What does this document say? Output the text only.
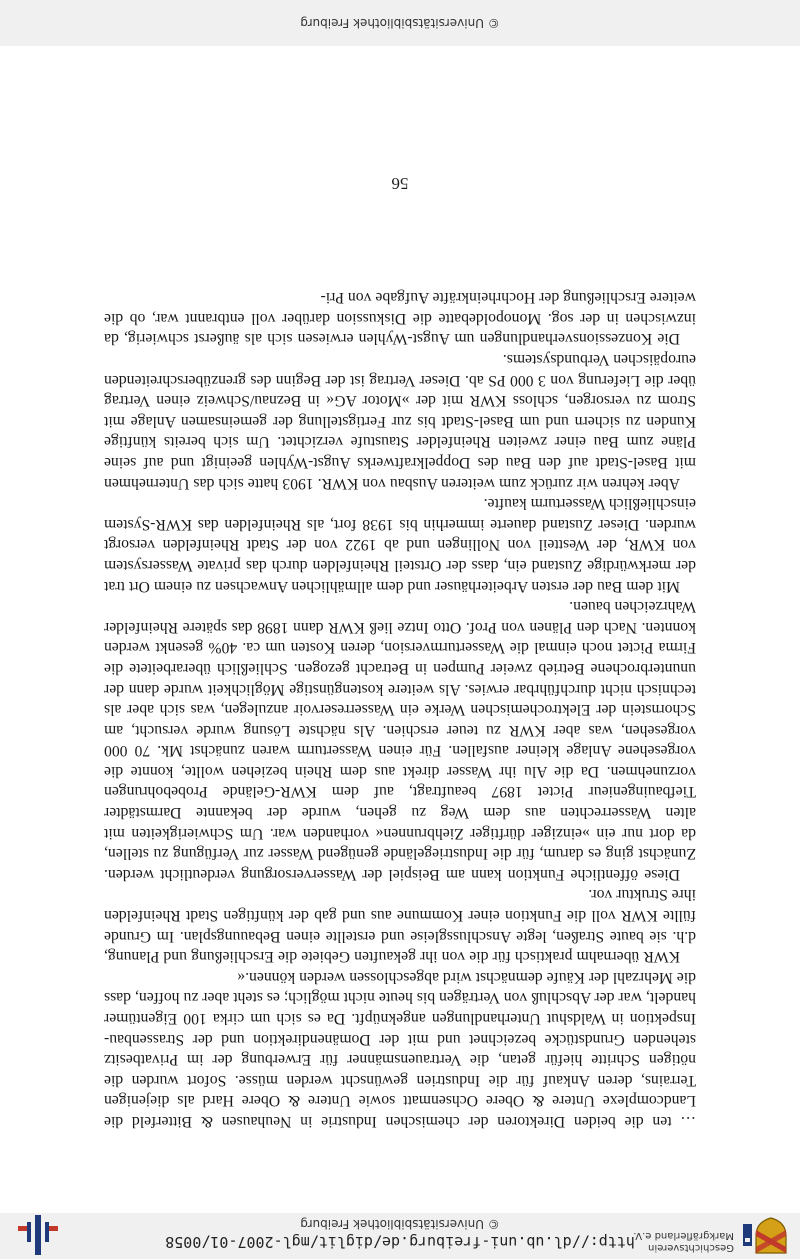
Geschichtsverein
Markgräflerland e.V.
http://dl.ub.uni-freiburg.de/diglit/mgl-2007-01/0058
© Universitätsbibliothek Freiburg

… ten die beiden Direktoren der chemischen Industrie in Neuhausen & Bitterfeld die Landcomplexe Untere & Obere Ochsenmatt sowie Untere & Obere Hard als diejenigen Terrains, deren Ankauf für die Industrien gewünscht werden müsse. Sofort wurden die nötigen Schritte hiefür getan, die Vertrauensmänner für Erwerbung der im Privatbesitz stehenden Grundstücke bezeichnet und mit der Domänendirektion und der Strassenbau-Inspektion in Waldshut Unterhandlungen angeknüpft. Da es sich um cirka 100 Eigentümer handelt, war der Abschluß von Verträgen bis heute nicht möglich; es steht aber zu hoffen, dass die Mehrzahl der Käufe demnächst wird abgeschlossen werden können.«

KWR übernahm praktisch für die von ihr gekauften Gebiete die Erschließung und Planung, d.h. sie baute Straßen, legte Anschlussgleise und erstellte einen Bebauungsplan. Im Grunde füllte KWR voll die Funktion einer Kommune aus und gab der künftigen Stadt Rheinfelden ihre Struktur vor.

Diese öffentliche Funktion kann am Beispiel der Wasserversorgung verdeutlicht werden. Zunächst ging es darum, für die Industriegelände genügend Wasser zur Verfügung zu stellen, da dort nur ein »einziger dürftiger Ziehbrunnen« vorhanden war. Um Schwierigkeiten mit alten Wasserrechten aus dem Weg zu gehen, wurde der bekannte Darmstädter Tiefbauingenieur Pictet 1897 beauftragt, auf dem KWR-Gelände Probebohrungen vorzunehmen. Da die Alu ihr Wasser direkt aus dem Rhein beziehen wollte, konnte die vorgesehene Anlage kleiner ausfallen. Für einen Wasserturm waren zunächst Mk. 70 000 vorgesehen, was aber KWR zu teuer erschien. Als nächste Lösung wurde versucht, am Schornstein der Elektrochemischen Werke ein Wasserreservoir anzulegen, was sich aber als technisch nicht durchführbar erwies. Als weitere kostengünstige Möglichkeit wurde dann der ununterbrochene Betrieb zweier Pumpen in Betracht gezogen. Schließlich überarbeitete die Firma Pictet noch einmal die Wasserturmversion, deren Kosten um ca. 40% gesenkt werden konnten. Nach den Plänen von Prof. Otto Intze ließ KWR dann 1898 das spätere Rheinfelder Wahrzeichen bauen.

Mit dem Bau der ersten Arbeiterhäuser und dem allmählichen Anwachsen zu einem Ort trat der merkwürdige Zustand ein, dass der Ortsteil Rheinfelden durch das private Wassersystem von KWR, der Westteil von Nollingen und ab 1922 von der Stadt Rheinfelden versorgt wurden. Dieser Zustand dauerte immerhin bis 1938 fort, als Rheinfelden das KWR-System einschließlich Wasserturm kaufte.

Aber kehren wir zurück zum weiteren Ausbau von KWR. 1903 hatte sich das Unternehmen mit Basel-Stadt auf den Bau des Doppelkraftwerks Augst-Wyhlen geeinigt und auf seine Pläne zum Bau einer zweiten Rheinfelder Staustufe verzichtet. Um sich bereits künftige Kunden zu sichern und um Basel-Stadt bis zur Fertigstellung der gemeinsamen Anlage mit Strom zu versorgen, schloss KWR mit der »Motor AG« in Beznau/Schweiz einen Vertrag über die Lieferung von 3 000 PS ab. Dieser Vertrag ist der Beginn des grenzüberschreitenden europäischen Verbundsystems.

Die Konzessionsverhandlungen um Augst-Wyhlen erwiesen sich als äußerst schwierig, da inzwischen in der sog. Monopoldebatte die Diskussion darüber voll entbrannt war, ob die weitere Erschließung der Hochrheinkräfte Aufgabe von Pri-

56
© Universitätsbibliothek Freiburg
